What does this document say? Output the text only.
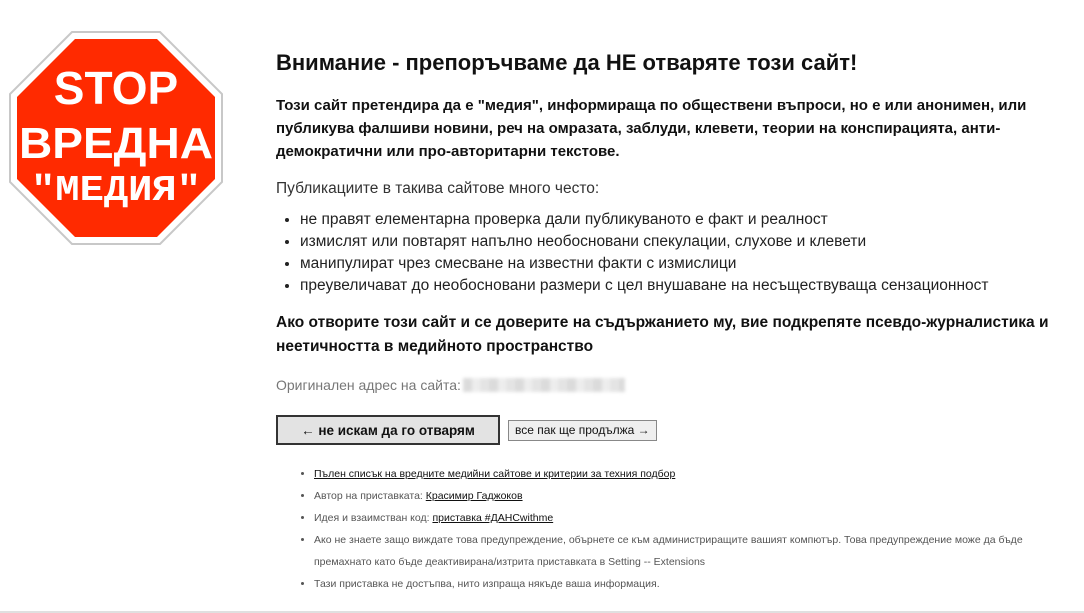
STOP
ВРЕДНА
"МЕДИЯ"
Внимание - препоръчваме да НЕ отваряте този сайт!

Този сайт претендира да е "медия", информираща по обществени въпроси, но е или анонимен, или публикува фалшиви новини, реч на омразата, заблуди, клевети, теории на конспирацията, анти-демократични или про-авторитарни текстове.

Публикациите в такива сайтове много често:

• не правят елементарна проверка дали публикуваното е факт и реалност
• измислят или повтарят напълно необосновани спекулации, слухове и клевети
• манипулират чрез смесване на известни факти с измислици
• преувеличават до необосновани размери с цел внушаване на несъществуваща сензационност

Ако отворите този сайт и се доверите на съдържанието му, вие подкрепяте псевдо-журналистика и неетичността в медийното пространство

Оригинален адрес на сайта:
← не искам да го отварям	все пак ще продължа →
• Пълен списък на вредните медийни сайтове и критерии за техния подбор
• Автор на приставката: Красимир Гаджоков
• Идея и взаимстван код: приставка #ДАНСwithme
• Ако не знаете защо виждате това предупреждение, обърнете се към администриращите вашият компютър. Това предупреждение може да бъде премахнато като бъде деактивирана/изтрита приставката в Setting -- Extensions
• Тази приставка не достъпва, нито изпраща някъде ваша информация.
